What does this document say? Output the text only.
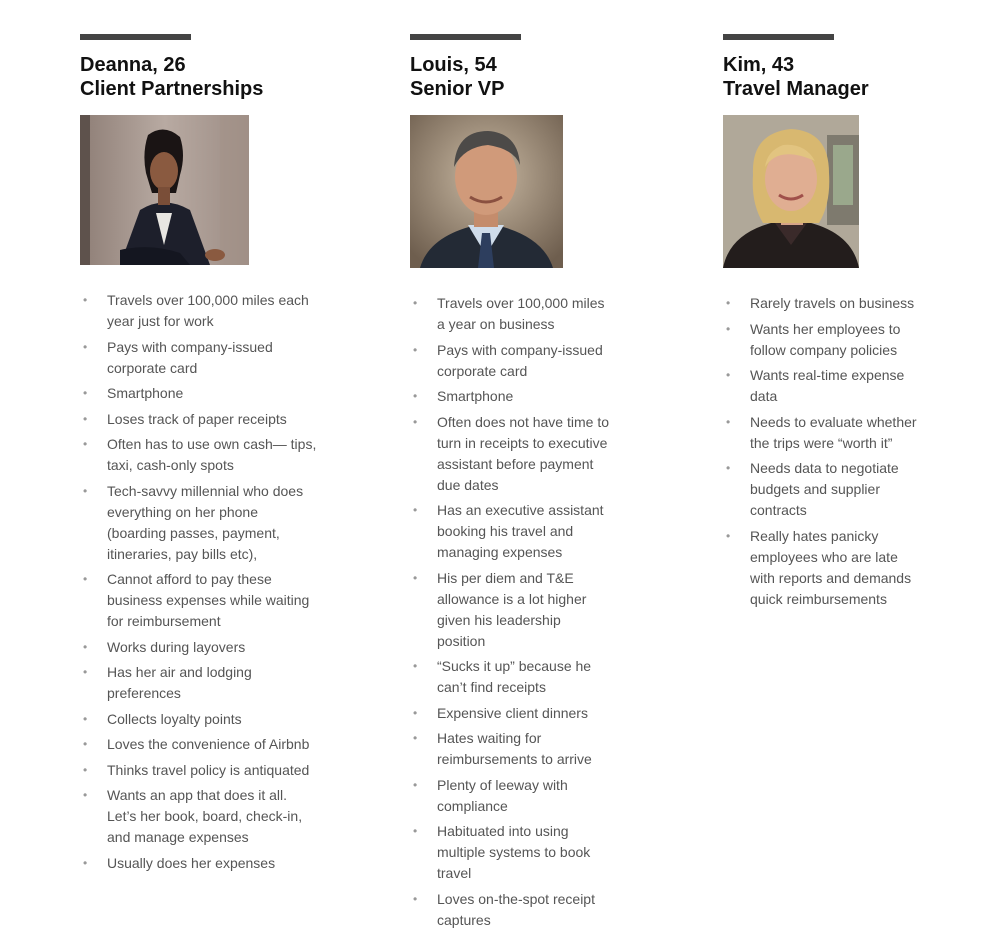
Deanna, 26
Client Partnerships
• Travels over 100,000 miles each year just for work
• Pays with company-issued corporate card
• Smartphone
• Loses track of paper receipts
• Often has to use own cash— tips, taxi, cash-only spots
• Tech-savvy millennial who does everything on her phone (boarding passes, payment, itineraries, pay bills etc),
• Cannot afford to pay these business expenses while waiting for reimbursement
• Works during layovers
• Has her air and lodging preferences
• Collects loyalty points
• Loves the convenience of Airbnb
• Thinks travel policy is antiquated
• Wants an app that does it all. Let’s her book, board, check-in, and manage expenses
• Usually does her expenses
Louis, 54
Senior VP
• Travels over 100,000 miles a year on business
• Pays with company-issued corporate card
• Smartphone
• Often does not have time to turn in receipts to executive assistant before payment due dates
• Has an executive assistant booking his travel and managing expenses
• His per diem and T&E allowance is a lot higher given his leadership position
• “Sucks it up” because he can’t find receipts
• Expensive client dinners
• Hates waiting for reimbursements to arrive
• Plenty of leeway with compliance
• Habituated into using multiple systems to book travel
• Loves on-the-spot receipt captures
Kim, 43
Travel Manager
• Rarely travels on business
• Wants her employees to follow company policies
• Wants real-time expense data
• Needs to evaluate whether the trips were “worth it”
• Needs data to negotiate budgets and supplier contracts
• Really hates panicky employees who are late with reports and demands quick reimbursements
